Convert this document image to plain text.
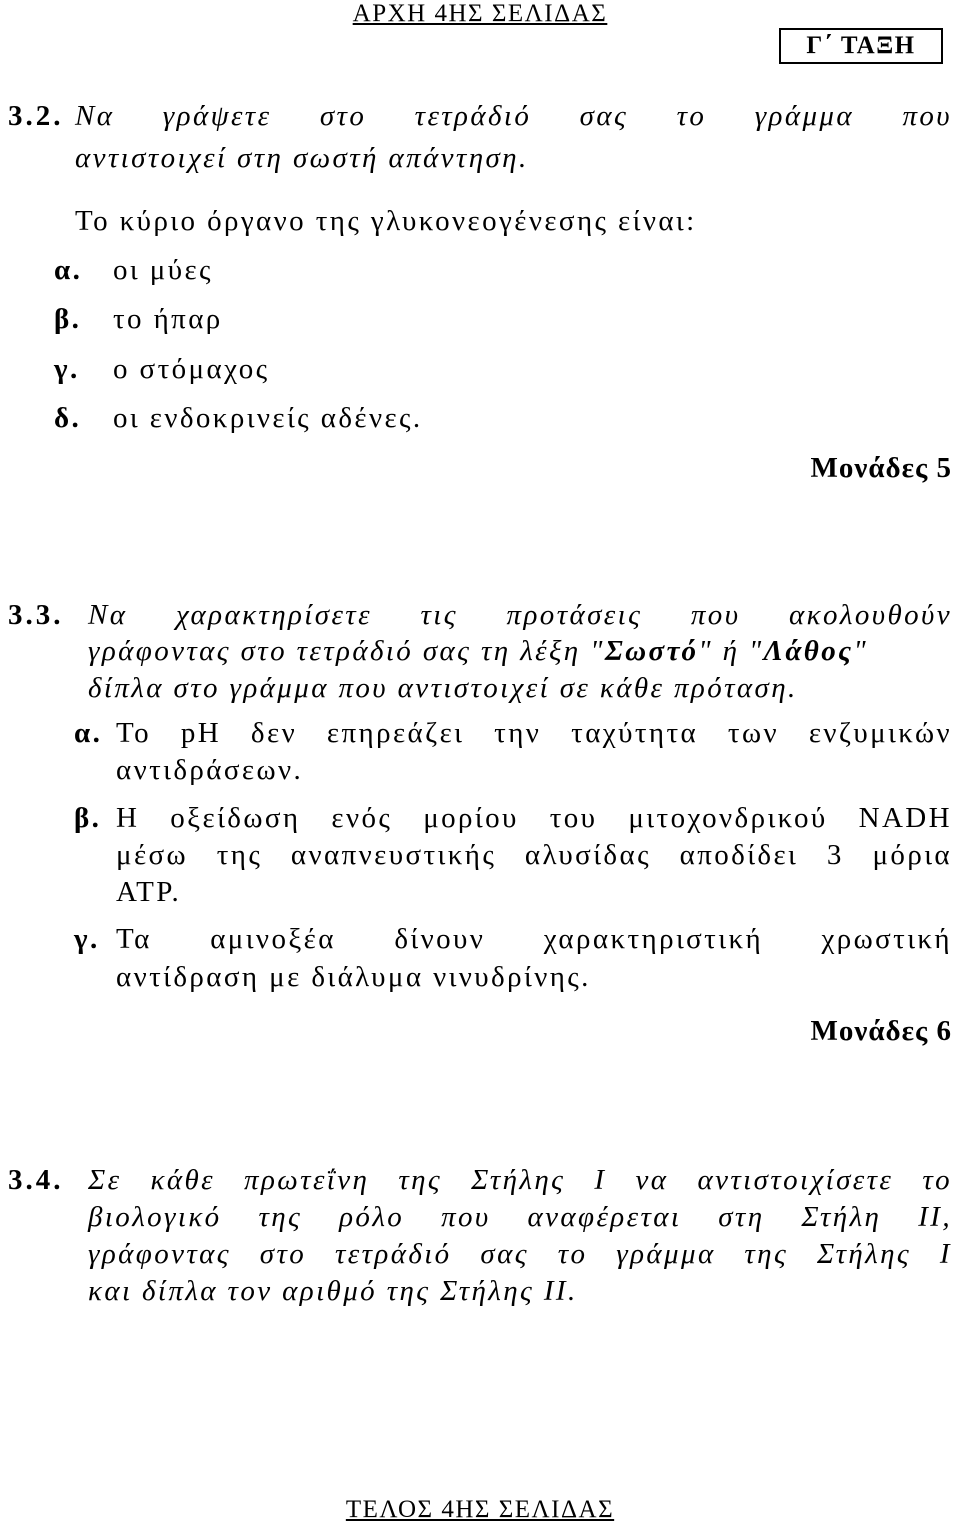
ΑΡΧΗ 4ΗΣ ΣΕΛΙΔΑΣ
Γ΄ ΤΑΞΗ
3.2. Να γράψετε στο τετράδιό σας το γράμμα που
αντιστοιχεί στη σωστή απάντηση.
Το κύριο όργανο της γλυκονεογένεσης είναι:
α. οι μύες
β. το ήπαρ
γ. ο στόμαχος
δ. οι ενδοκρινείς αδένες.
Μονάδες 5
3.3. Να χαρακτηρίσετε τις προτάσεις που ακολουθούν
γράφοντας στο τετράδιό σας τη λέξη "Σωστό" ή "Λάθος"
δίπλα στο γράμμα που αντιστοιχεί σε κάθε πρόταση.
α. Το pH δεν επηρεάζει την ταχύτητα των ενζυμικών
αντιδράσεων.
β. Η οξείδωση ενός μορίου του μιτοχονδρικού NADH
μέσω της αναπνευστικής αλυσίδας αποδίδει 3 μόρια
ATP.
γ. Τα αμινοξέα δίνουν χαρακτηριστική χρωστική
αντίδραση με διάλυμα νινυδρίνης.
Μονάδες 6
3.4. Σε κάθε πρωτεΐνη της Στήλης Ι να αντιστοιχίσετε το
βιολογικό της ρόλο που αναφέρεται στη Στήλη ΙΙ,
γράφοντας στο τετράδιό σας το γράμμα της Στήλης Ι
και δίπλα τον αριθμό της Στήλης ΙΙ.
ΤΕΛΟΣ 4ΗΣ ΣΕΛΙΔΑΣ
